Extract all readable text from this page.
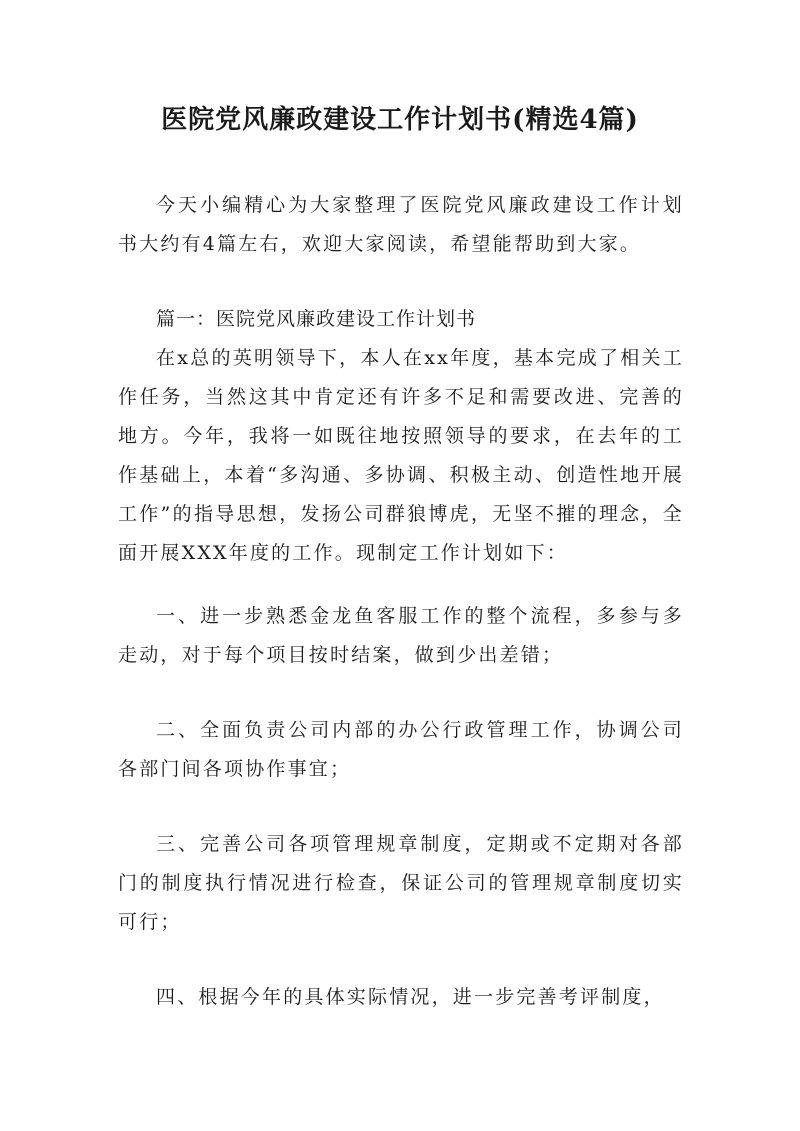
医院党风廉政建设工作计划书(精选4篇)

今天小编精心为大家整理了医院党风廉政建设工作计划书大约有4篇左右，欢迎大家阅读，希望能帮助到大家。

篇一：医院党风廉政建设工作计划书

在x总的英明领导下，本人在xx年度，基本完成了相关工作任务，当然这其中肯定还有许多不足和需要改进、完善的地方。今年，我将一如既往地按照领导的要求，在去年的工作基础上，本着“多沟通、多协调、积极主动、创造性地开展工作”的指导思想，发扬公司群狼博虎，无坚不摧的理念，全面开展XXX年度的工作。现制定工作计划如下：

一、进一步熟悉金龙鱼客服工作的整个流程，多参与多走动，对于每个项目按时结案，做到少出差错；

二、全面负责公司内部的办公行政管理工作，协调公司各部门间各项协作事宜；

三、完善公司各项管理规章制度，定期或不定期对各部门的制度执行情况进行检查，保证公司的管理规章制度切实可行；

四、根据今年的具体实际情况，进一步完善考评制度，
